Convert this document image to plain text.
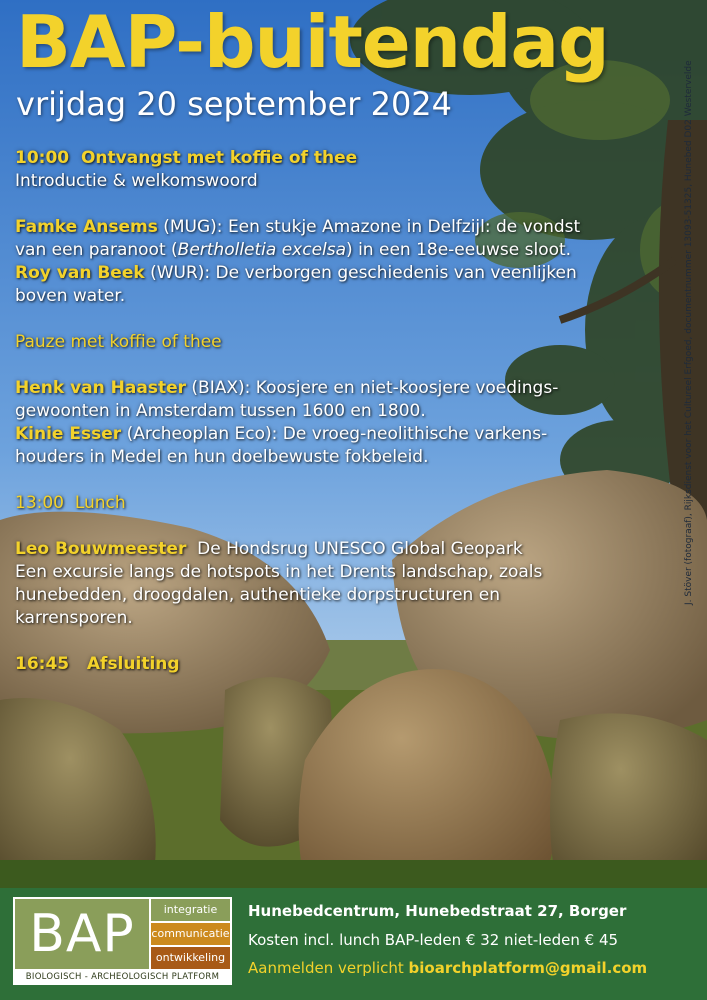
BAP-buitendag
vrijdag 20 september 2024

10:00 Ontvangst met koffie of thee

Introductie & welkomswoord

Famke Ansems (MUG): Een stukje Amazone in Delfzijl: de vondst

van een paranoot (Bertholletia excelsa) in een 18e-eeuwse sloot.

Roy van Beek (WUR): De verborgen geschiedenis van veenlijken

boven water.

Pauze met koffie of thee

Henk van Haaster (BIAX): Koosjere en niet-koosjere voedings-

gewoonten in Amsterdam tussen 1600 en 1800.

Kinie Esser (Archeoplan Eco): De vroeg-neolithische varkens-

houders in Medel en hun doelbewuste fokbeleid.

13:00 Lunch

Leo Bouwmeester De Hondsrug UNESCO Global Geopark

Een excursie langs de hotspots in het Drents landschap, zoals

hunebedden, droogdalen, authentieke dorpstructuren en

karrensporen.

16:45 Afsluiting

J. Stöver (fotograaf), Rijksdienst voor het Cultureel Erfgoed, documentnummer 13093-51325, Hunebed D02 Westervelde
BAP	integratie
communicatie
ontwikkeling
BIOLOGISCH - ARCHEOLOGISCH PLATFORM
Hunebedcentrum, Hunebedstraat 27, Borger
Kosten incl. lunch BAP-leden € 32 niet-leden € 45
Aanmelden verplicht bioarchplatform@gmail.com
